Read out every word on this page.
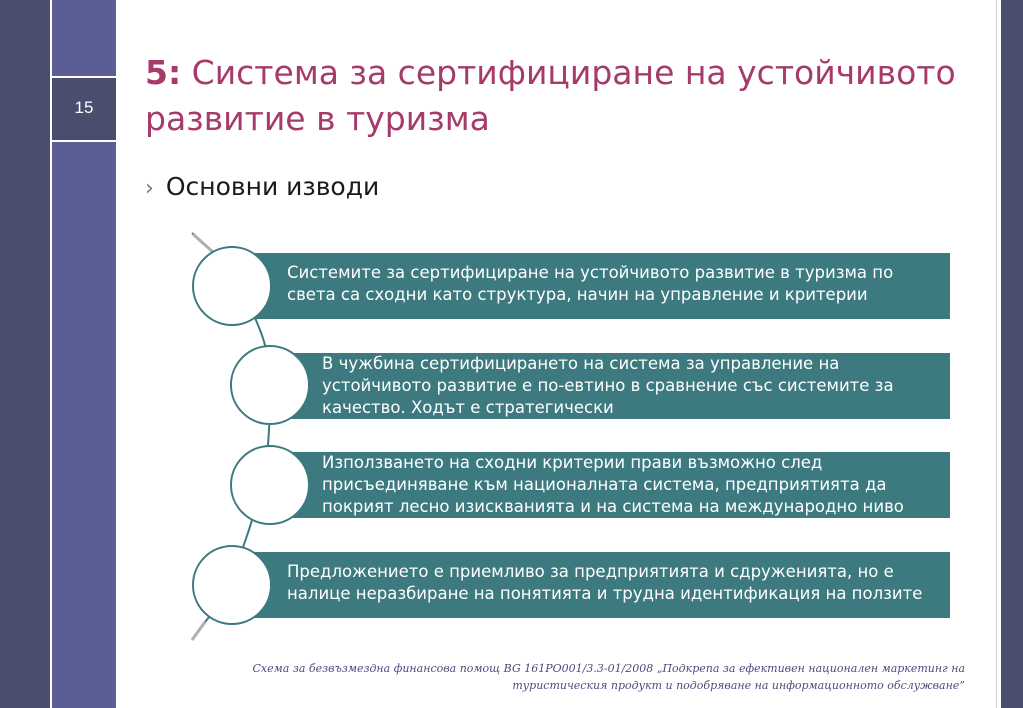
15
5: Система за сертифициране на устойчивото развитие в туризма
› Основни изводи
Системите за сертифициране на устойчивото развитие в туризма по света са сходни като структура, начин на управление и критерии
В чужбина сертифицирането на система за управление на устойчивото развитие е по-евтино в сравнение със системите за качество. Ходът е стратегически
Използването на сходни критерии прави възможно след присъединяване към националната система, предприятията да покрият лесно изискванията и на система на международно ниво
Предложението е приемливо за предприятията и сдруженията, но е налице неразбиране на понятията и трудна идентификация на ползите
Схема за безвъзмездна финансова помощ BG 161PO001/3.3-01/2008 „Подкрепа за ефективен национален маркетинг на
туристическия продукт и подобряване на информационното обслужване”
